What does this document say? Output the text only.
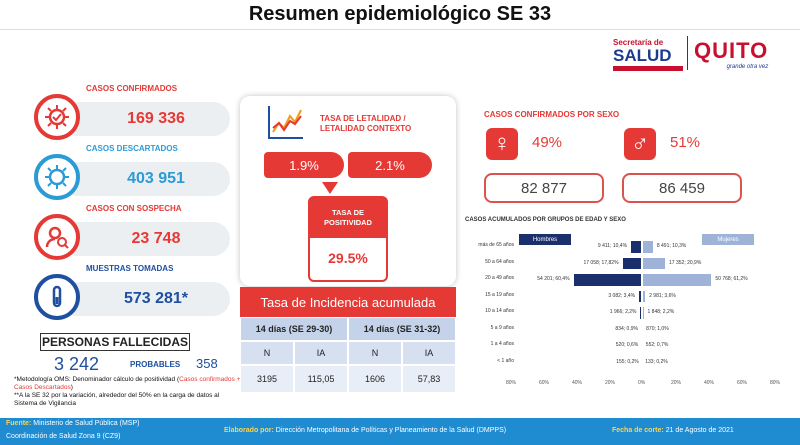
Resumen epidemiológico SE 33
Secretaría de
SALUD	QUITO
grande otra vez
169 336
CASOS CONFIRMADOS
403 951
CASOS DESCARTADOS
23 748
CASOS CON SOSPECHA
573 281*
MUESTRAS TOMADAS
PERSONAS FALLECIDAS
3 242	PROBABLES 358
*Metodología OMS: Denominador cálculo de positividad (Casos confirmados + Casos Descartados)
**A la SE 32 por la variación, alrededor del 50% en la carga de datos al Sistema de Vigilancia
TASA DE LETALIDAD / LETALIDAD CONTEXTO
1.9%	2.1%
TASA DE POSITIVIDAD
29.5%
Tasa de Incidencia acumulada
14 días (SE 29-30)	14 días (SE 31-32)
N	IA	N	IA
3195	115,05	1606	57,83
CASOS CONFIRMADOS POR SEXO
♀	49%
82 877
♂	51%
86 459
CASOS ACUMULADOS POR GRUPOS DE EDAD Y SEXO
Hombres	Mujeres
más de 65 años	9 411; 10,4%	8 491; 10,3%
50 a 64 años	17 058; 17,82%	17 352; 20,9%
20 a 49 años	54 201; 60,4%	50 768; 61,2%
15 a 19 años	3 082; 3,4%	2 981; 3,6%
10 a 14 años	1 966; 2,2% 1 848; 2,2%
5 a 9 años	834; 0,9% 870; 1,0%
1 a 4 años	520; 0,6% 552; 0,7%
< 1 año	155; 0,2% 133; 0,2%
80%	60%	40%	20%	0%	20%	40%	60%	80%
Fuente: Ministerio de Salud Pública (MSP)
Coordinación de Salud Zona 9 (CZ9)
Elaborado por: Dirección Metropolitana de Políticas y Planeamiento de la Salud (DMPPS)	Fecha de corte: 21 de Agosto de 2021
